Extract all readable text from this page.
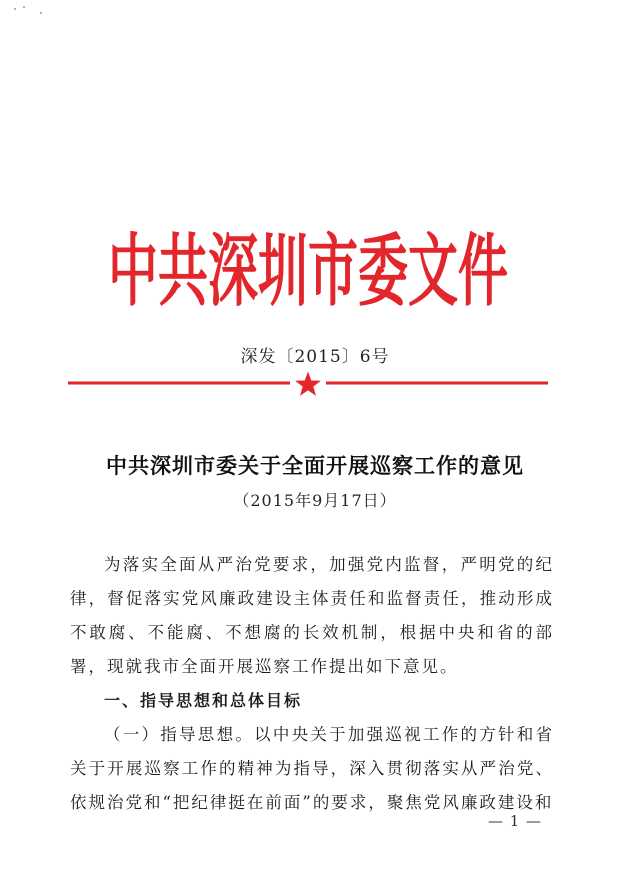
中共深圳市委文件
深发〔2015〕6号
中共深圳市委关于全面开展巡察工作的意见
（2015年9月17日）

为落实全面从严治党要求，加强党内监督，严明党的纪律，督促落实党风廉政建设主体责任和监督责任，推动形成不敢腐、不能腐、不想腐的长效机制，根据中央和省的部署，现就我市全面开展巡察工作提出如下意见。

一、指导思想和总体目标

（一）指导思想。以中央关于加强巡视工作的方针和省关于开展巡察工作的精神为指导，深入贯彻落实从严治党、依规治党和“把纪律挺在前面”的要求，聚焦党风廉政建设和

— 1 —
